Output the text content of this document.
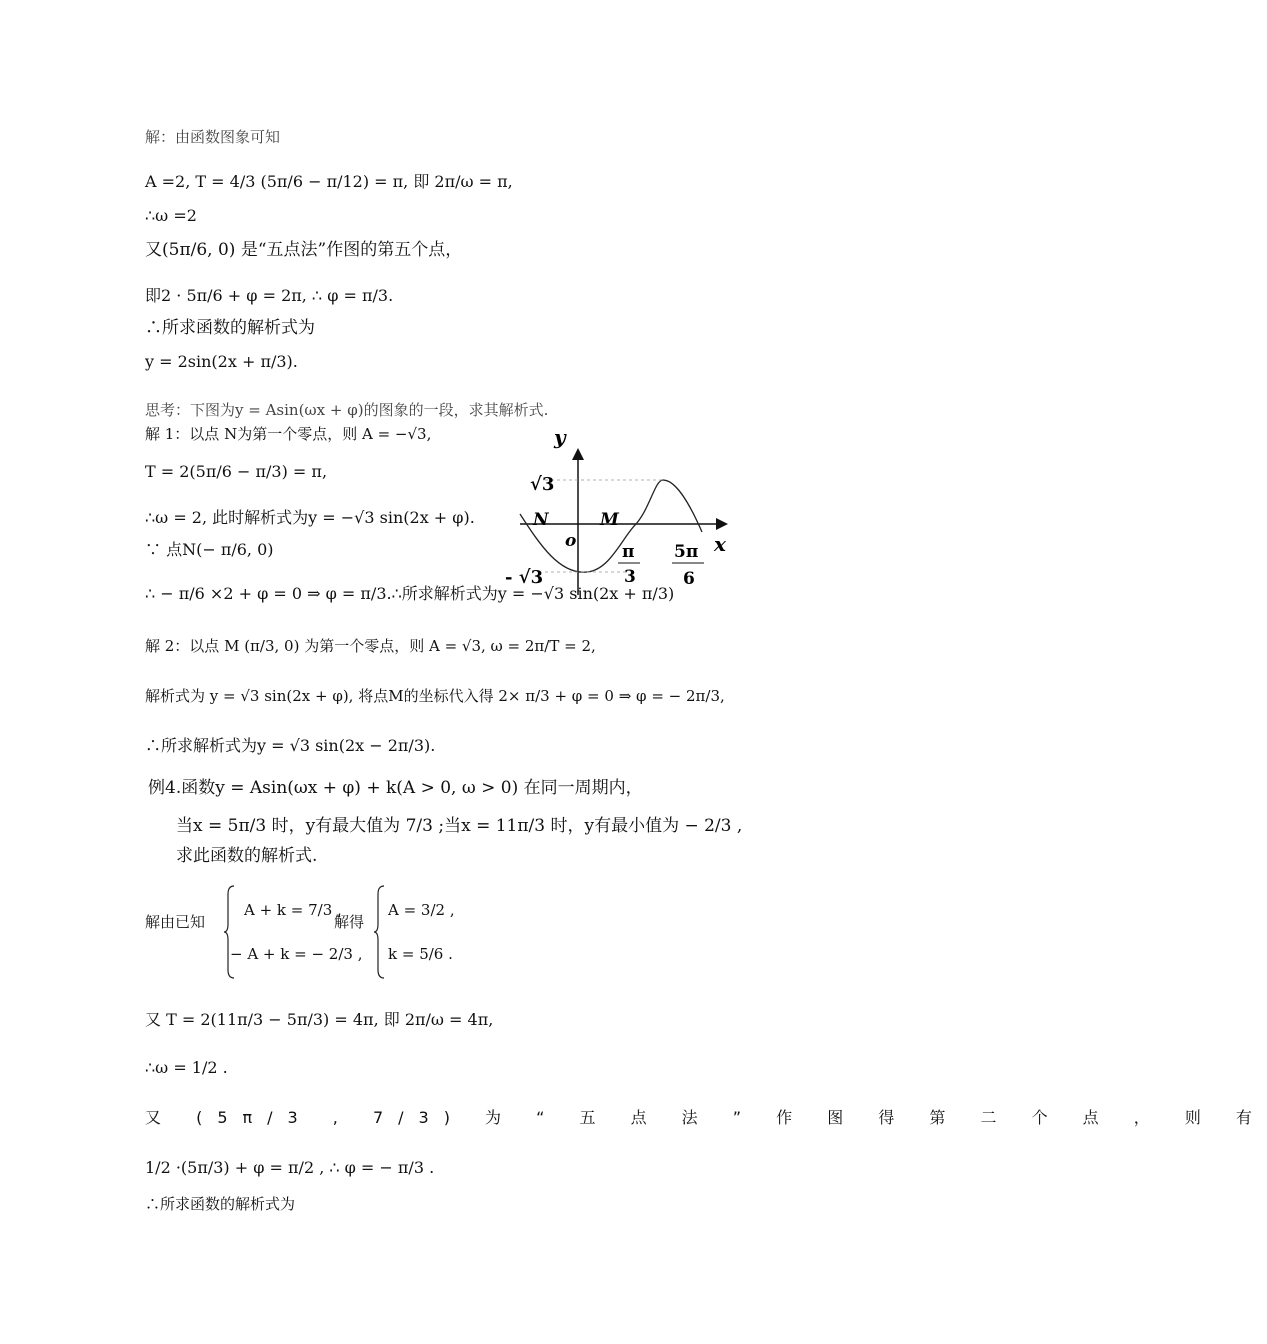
解：由函数图象可知
A =2, T = 4/3 (5π/6 − π/12) = π, 即 2π/ω = π,
∴ω =2
又(5π/6, 0) 是“五点法”作图的第五个点，
即2 · 5π/6 + φ = 2π, ∴ φ = π/3.
∴所求函数的解析式为
y = 2sin(2x + π/3).
思考：下图为y = Asin(ωx + φ)的图象的一段，求其解析式.
解 1：以点 N为第一个零点，则 A = −√3,
T = 2(5π/6 − π/3) = π,
∴ω = 2, 此时解析式为y = −√3 sin(2x + φ).
∵ 点N(− π/6, 0)
∴ − π/6 ×2 + φ = 0 ⇒ φ = π/3.∴所求解析式为y = −√3 sin(2x + π/3)
解 2：以点 M (π/3, 0) 为第一个零点，则 A = √3, ω = 2π/T = 2,
解析式为 y = √3 sin(2x + φ), 将点M的坐标代入得 2× π/3 + φ = 0 ⇒ φ = − 2π/3,
∴所求解析式为y = √3 sin(2x − 2π/3).
例4.函数y = Asin(ωx + φ) + k(A > 0, ω > 0) 在同一周期内，
当x = 5π/3 时，y有最大值为 7/3 ;当x = 11π/3 时，y有最小值为 − 2/3 ,
求此函数的解析式.
解由已知
A + k = 7/3 ,
− A + k = − 2/3 ,
解得
A = 3/2 ,
k = 5/6 .
又 T = 2(11π/3 − 5π/3) = 4π, 即 2π/ω = 4π,
∴ω = 1/2 .
又 (5π/3 , 7/3) 为 “ 五 点 法 ” 作 图 得 第 二 个 点 ， 则 有
1/2 ·(5π/3) + φ = π/2 , ∴ φ = − π/3 .
∴所求函数的解析式为
y
x
o
N	M
√3
- √3
π
3
5π
6
